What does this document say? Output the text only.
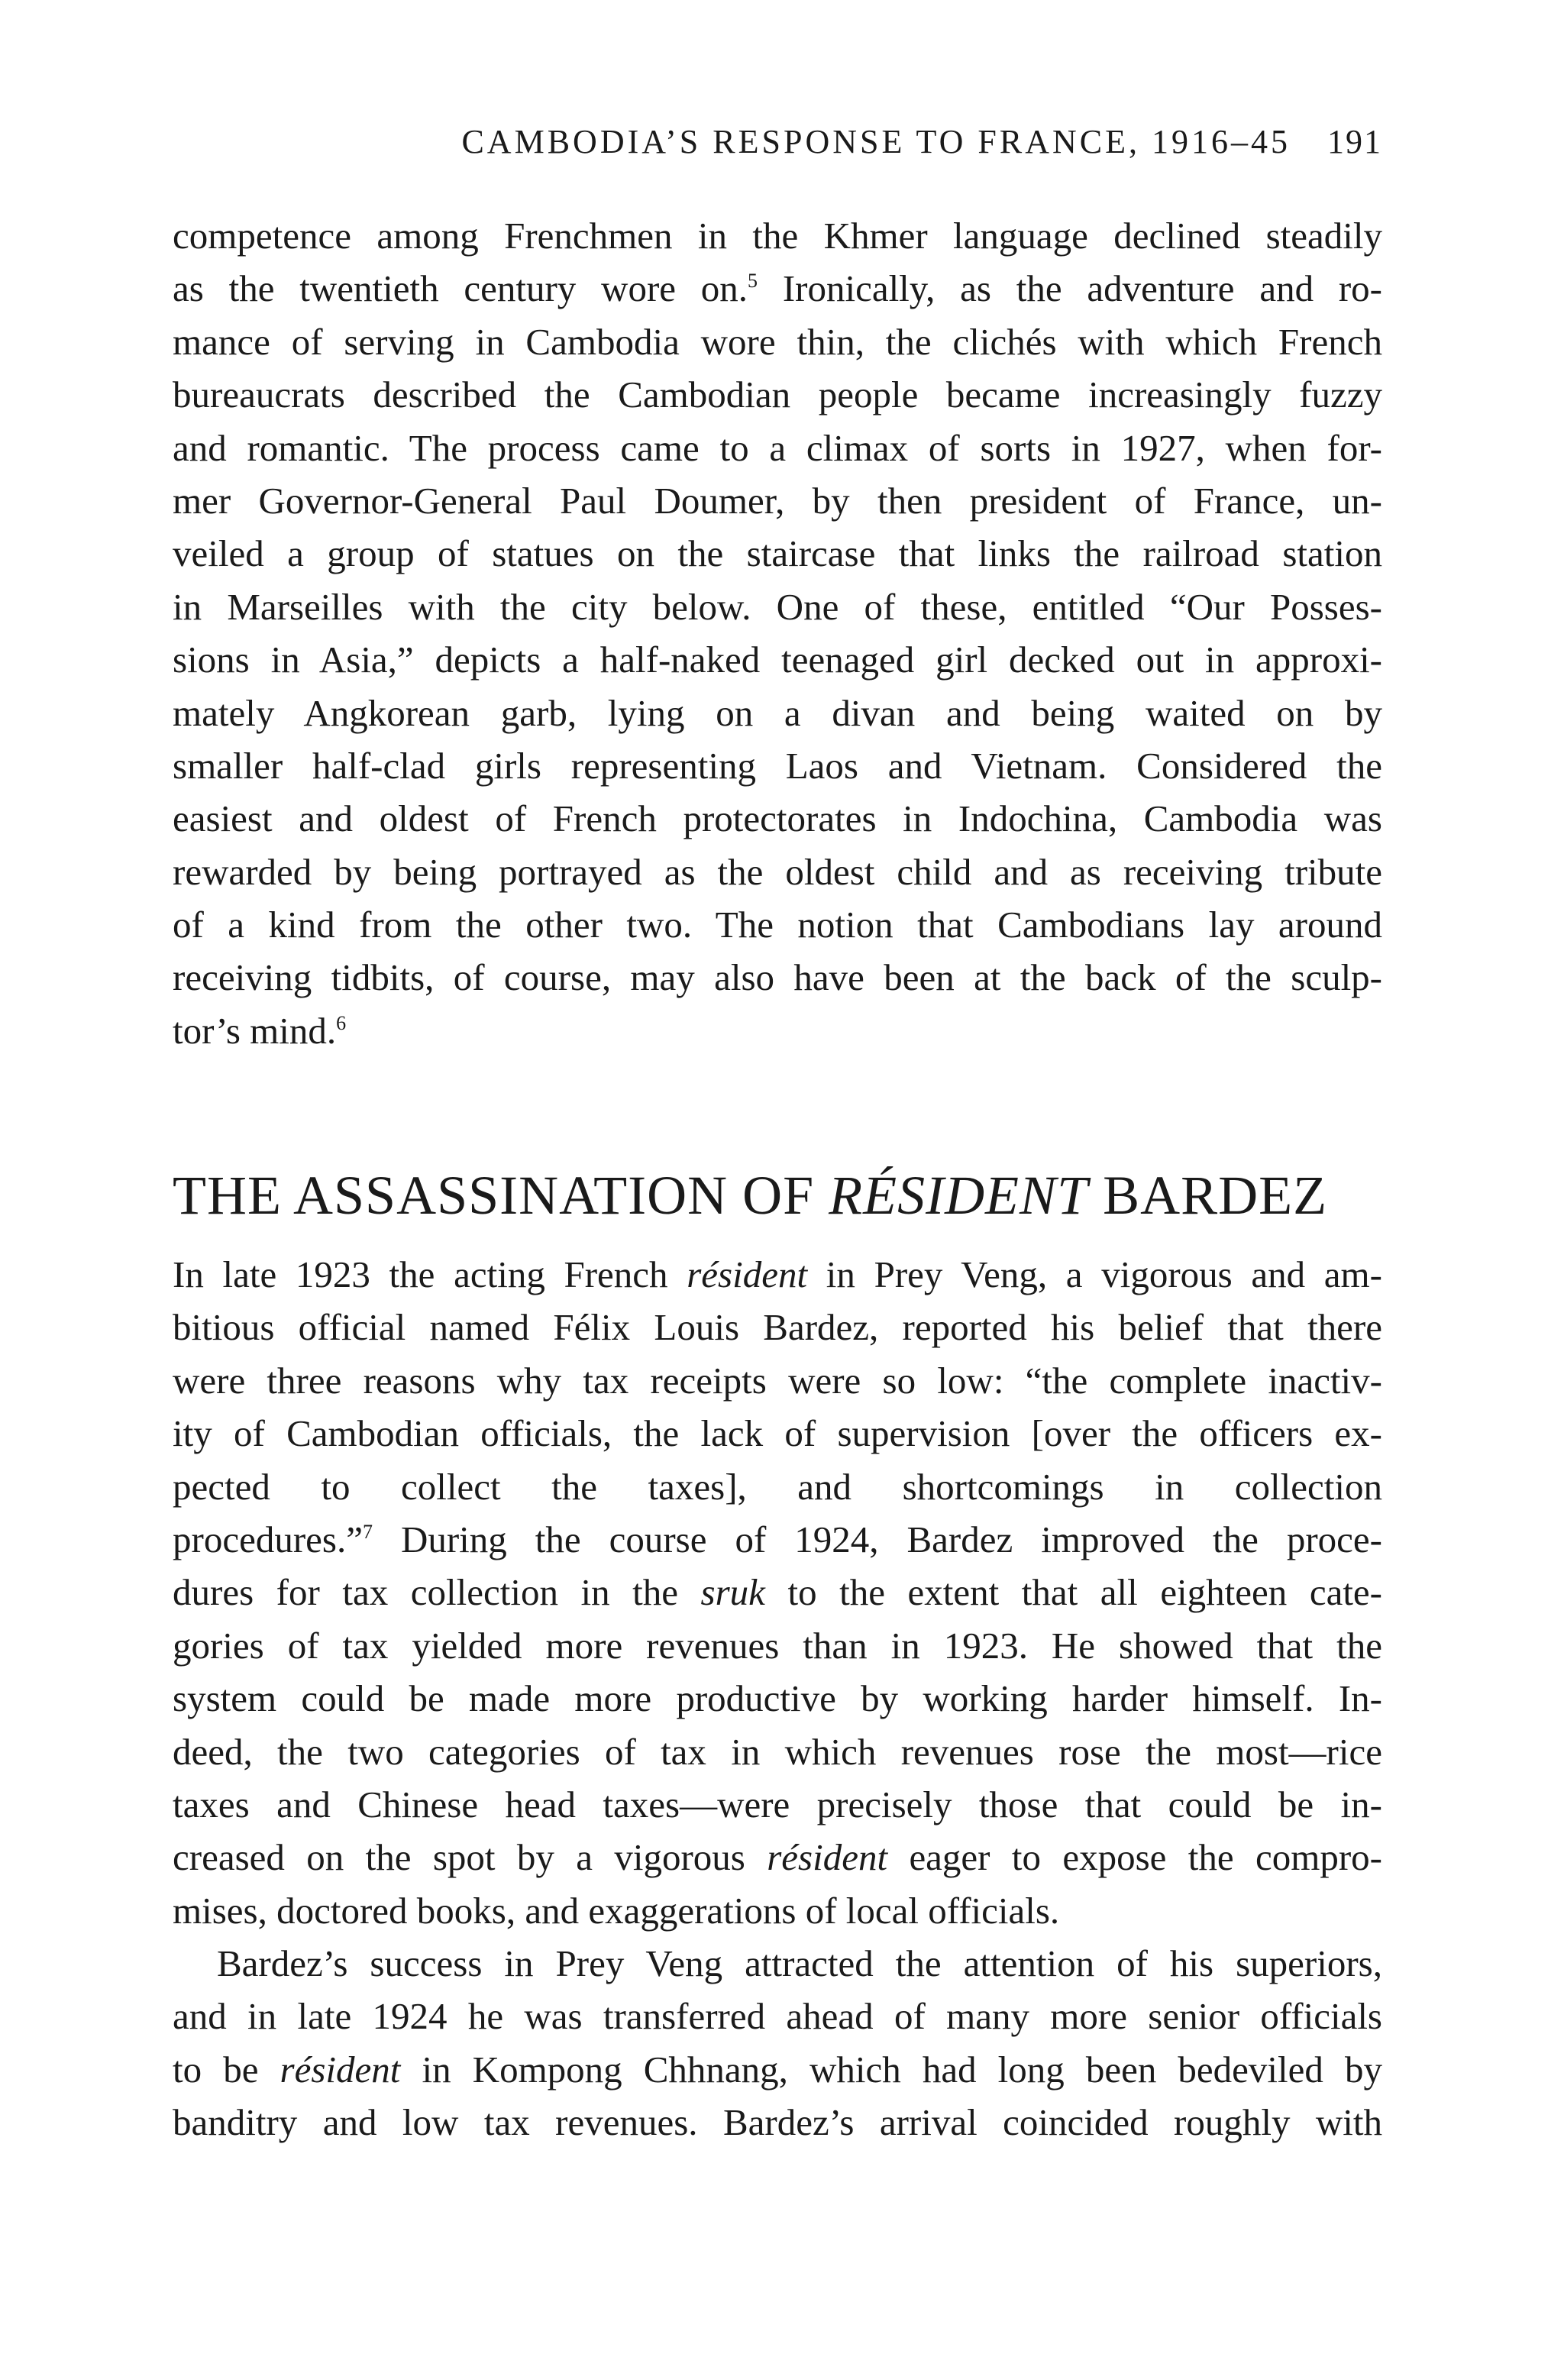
CAMBODIA’S RESPONSE TO FRANCE, 1916–45 191
competence among Frenchmen in the Khmer language declined steadily
as the twentieth century wore on.$^5$ Ironically, as the adventure and ro-
mance of serving in Cambodia wore thin, the clichés with which French
bureaucrats described the Cambodian people became increasingly fuzzy
and romantic. The process came to a climax of sorts in 1927, when for-
mer Governor-General Paul Doumer, by then president of France, un-
veiled a group of statues on the staircase that links the railroad station
in Marseilles with the city below. One of these, entitled “Our Posses-
sions in Asia,” depicts a half-naked teenaged girl decked out in approxi-
mately Angkorean garb, lying on a divan and being waited on by
smaller half-clad girls representing Laos and Vietnam. Considered the
easiest and oldest of French protectorates in Indochina, Cambodia was
rewarded by being portrayed as the oldest child and as receiving tribute
of a kind from the other two. The notion that Cambodians lay around
receiving tidbits, of course, may also have been at the back of the sculp-
tor’s mind.$^6$
THE ASSASSINATION OF RÉSIDENT BARDEZ
In late 1923 the acting French résident in Prey Veng, a vigorous and am-
bitious official named Félix Louis Bardez, reported his belief that there
were three reasons why tax receipts were so low: “the complete inactiv-
ity of Cambodian officials, the lack of supervision [over the officers ex-
pected to collect the taxes], and shortcomings in collection
procedures.”$^7$ During the course of 1924, Bardez improved the proce-
dures for tax collection in the sruk to the extent that all eighteen cate-
gories of tax yielded more revenues than in 1923. He showed that the
system could be made more productive by working harder himself. In-
deed, the two categories of tax in which revenues rose the most—rice
taxes and Chinese head taxes—were precisely those that could be in-
creased on the spot by a vigorous résident eager to expose the compro-
mises, doctored books, and exaggerations of local officials.
Bardez’s success in Prey Veng attracted the attention of his superiors,
and in late 1924 he was transferred ahead of many more senior officials
to be résident in Kompong Chhnang, which had long been bedeviled by
banditry and low tax revenues. Bardez’s arrival coincided roughly with
